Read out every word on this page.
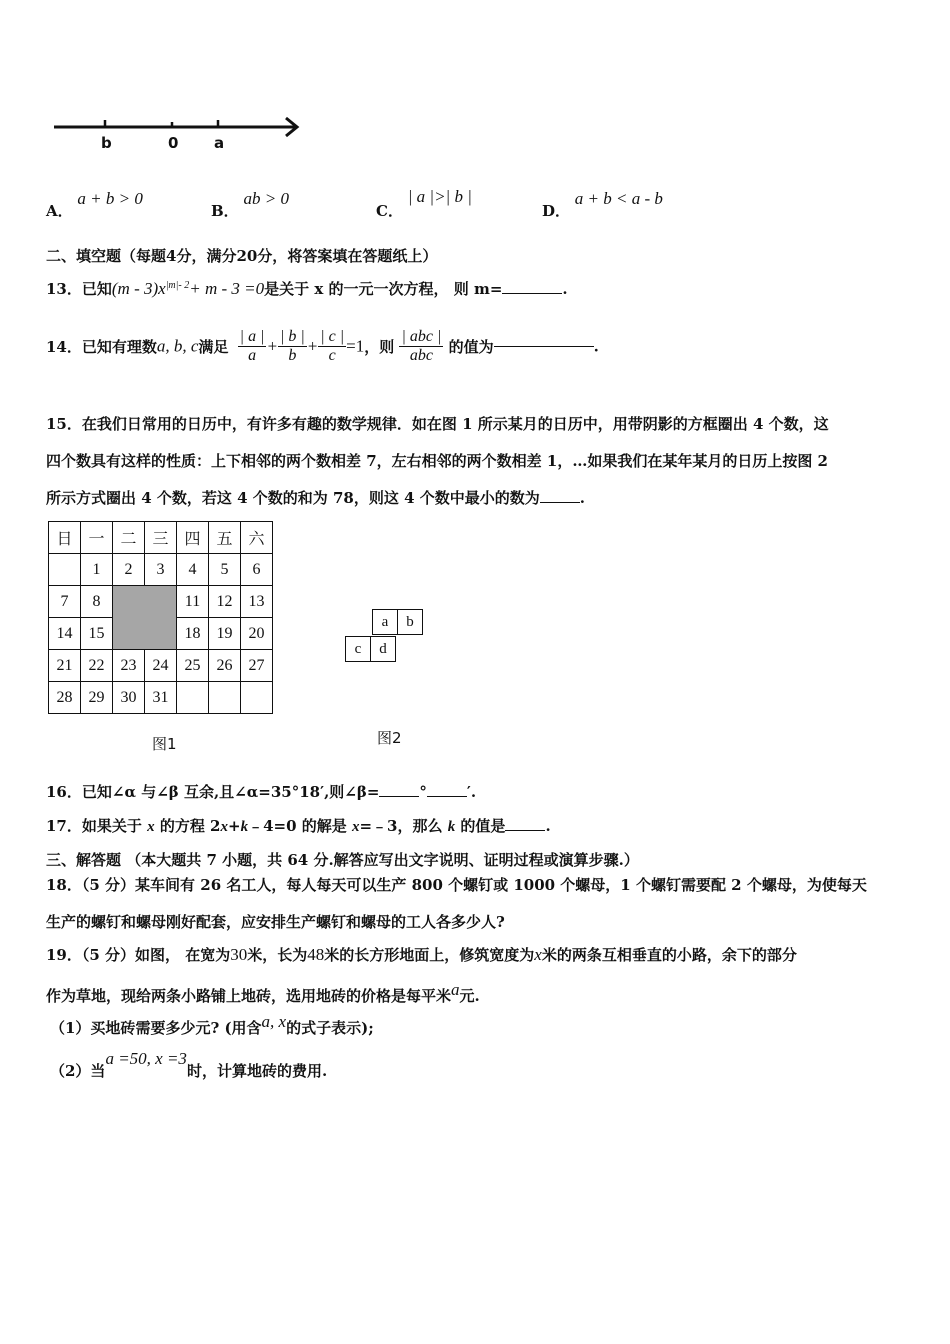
b	0 a
A． a + b > 0
B． ab > 0
C． | a |>| b |
D． a + b < a - b
二、填空题（每题4分，满分20分，将答案填在答题纸上）
13．已知$(m - 3)x^{|m|- 2}+ m - 3 =0$是关于 x 的一元一次方程， 则 m=	.
14．已知有理数a, b, c满足 $\frac{| a |}{a} + \frac{| b |}{b} + \frac{| c |}{c} =1$，则 $\frac{\text{| abc |}}{\text{abc}}$ 的值为	.
15．在我们日常用的日历中，有许多有趣的数学规律．如在图 1 所示某月的日历中，用带阴影的方框圈出 4 个数，这
四个数具有这样的性质：上下相邻的两个数相差 7，左右相邻的两个数相差 1，…如果我们在某年某月的日历上按图 2
所示方式圈出 4 个数，若这 4 个数的和为 78，则这 4 个数中最小的数为	.
日	一	二	三	四	五	六
	1	2	3	4	5	6
7	8			11	12	13
14	15			18	19	20
21	22	23	24	25	26	27
28	29	30	31			
图1
a	b
c	d
图2
16．已知∠α 与∠β 互余,且∠α=35°18′,则∠β=	°	′.
17．如果关于 x 的方程 2x+k﹣4=0 的解是 x=﹣3，那么 k 的值是	.
三、解答题 （本大题共 7 小题，共 64 分.解答应写出文字说明、证明过程或演算步骤.）
18．（5 分）某车间有 26 名工人，每人每天可以生产 800 个螺钉或 1000 个螺母，1 个螺钉需要配 2 个螺母，为使每天
生产的螺钉和螺母刚好配套，应安排生产螺钉和螺母的工人各多少人?
19．（5 分）如图， 在宽为30米，长为48米的长方形地面上，修筑宽度为x米的两条互相垂直的小路，余下的部分
作为草地，现给两条小路铺上地砖，选用地砖的价格是每平米$^a$元.
（1）买地砖需要多少元? (用含$^{a, x}$的式子表示);
（2）当a =50, x =3时，计算地砖的费用.
